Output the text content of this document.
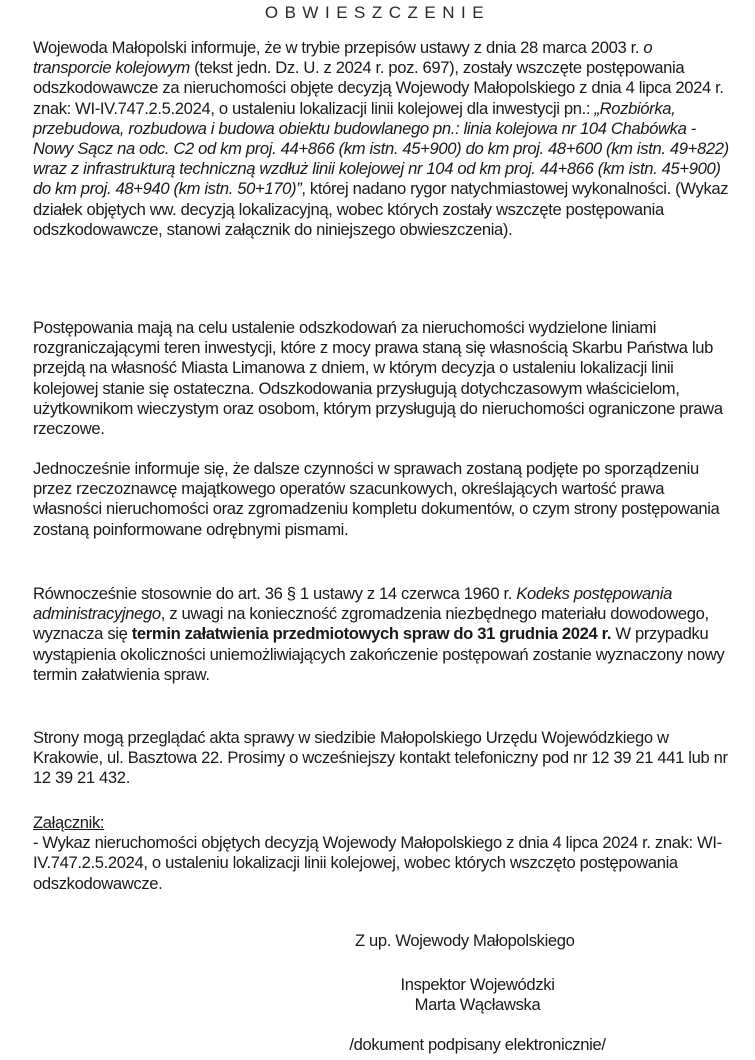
OBWIESZCZENIE

Wojewoda Małopolski informuje, że w trybie przepisów ustawy z dnia 28 marca 2003 r. o transporcie kolejowym (tekst jedn. Dz. U. z 2024 r. poz. 697), zostały wszczęte postępowania odszkodowawcze za nieruchomości objęte decyzją Wojewody Małopolskiego z dnia 4 lipca 2024 r. znak: WI-IV.747.2.5.2024, o ustaleniu lokalizacji linii kolejowej dla inwestycji pn.: „Rozbiórka, przebudowa, rozbudowa i budowa obiektu budowlanego pn.: linia kolejowa nr 104 Chabówka - Nowy Sącz na odc. C2 od km proj. 44+866 (km istn. 45+900) do km proj. 48+600 (km istn. 49+822) wraz z infrastrukturą techniczną wzdłuż linii kolejowej nr 104 od km proj. 44+866 (km istn. 45+900) do km proj. 48+940 (km istn. 50+170)”, której nadano rygor natychmiastowej wykonalności. (Wykaz działek objętych ww. decyzją lokalizacyjną, wobec których zostały wszczęte postępowania odszkodowawcze, stanowi załącznik do niniejszego obwieszczenia).

Postępowania mają na celu ustalenie odszkodowań za nieruchomości wydzielone liniami rozgraniczającymi teren inwestycji, które z mocy prawa staną się własnością Skarbu Państwa lub przejdą na własność Miasta Limanowa z dniem, w którym decyzja o ustaleniu lokalizacji linii kolejowej stanie się ostateczna. Odszkodowania przysługują dotychczasowym właścicielom, użytkownikom wieczystym oraz osobom, którym przysługują do nieruchomości ograniczone prawa rzeczowe.

Jednocześnie informuje się, że dalsze czynności w sprawach zostaną podjęte po sporządzeniu przez rzeczoznawcę majątkowego operatów szacunkowych, określających wartość prawa własności nieruchomości oraz zgromadzeniu kompletu dokumentów, o czym strony postępowania zostaną poinformowane odrębnymi pismami.

Równocześnie stosownie do art. 36 § 1 ustawy z 14 czerwca 1960 r. Kodeks postępowania administracyjnego, z uwagi na konieczność zgromadzenia niezbędnego materiału dowodowego, wyznacza się termin załatwienia przedmiotowych spraw do 31 grudnia 2024 r. W przypadku wystąpienia okoliczności uniemożliwiających zakończenie postępowań zostanie wyznaczony nowy termin załatwienia spraw.

Strony mogą przeglądać akta sprawy w siedzibie Małopolskiego Urzędu Wojewódzkiego w Krakowie, ul. Basztowa 22. Prosimy o wcześniejszy kontakt telefoniczny pod nr 12 39 21 441 lub nr 12 39 21 432.

Załącznik:
- Wykaz nieruchomości objętych decyzją Wojewody Małopolskiego z dnia 4 lipca 2024 r. znak: WI-IV.747.2.5.2024, o ustaleniu lokalizacji linii kolejowej, wobec których wszczęto postępowania odszkodowawcze.

Z up. Wojewody Małopolskiego
Inspektor Wojewódzki
Marta Wącławska
/dokument podpisany elektronicznie/
